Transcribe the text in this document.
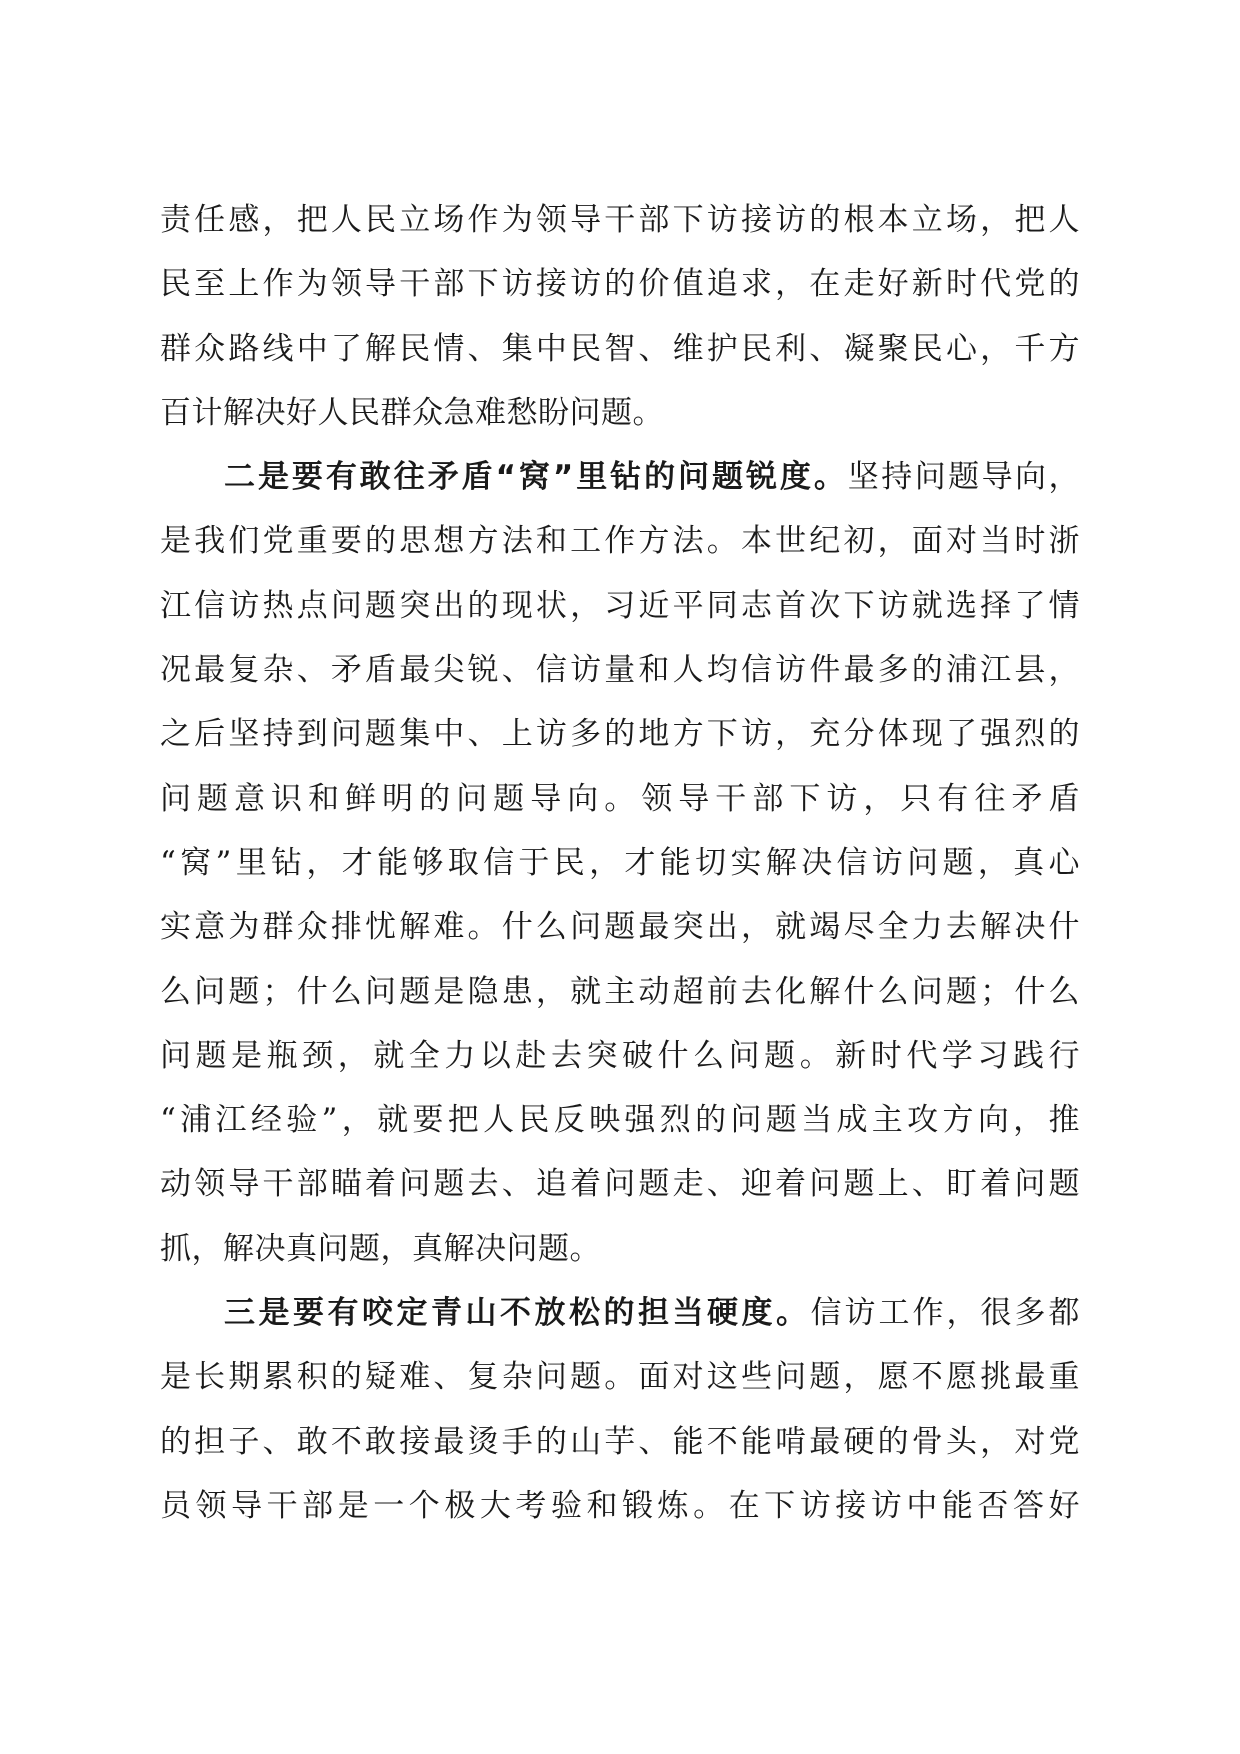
责任感，把人民立场作为领导干部下访接访的根本立场，把人
民至上作为领导干部下访接访的价值追求，在走好新时代党的
群众路线中了解民情、集中民智、维护民利、凝聚民心，千方
百计解决好人民群众急难愁盼问题。
二是要有敢往矛盾“窝”里钻的问题锐度。坚持问题导向，
是我们党重要的思想方法和工作方法。本世纪初，面对当时浙
江信访热点问题突出的现状，习近平同志首次下访就选择了情
况最复杂、矛盾最尖锐、信访量和人均信访件最多的浦江县，
之后坚持到问题集中、上访多的地方下访，充分体现了强烈的
问题意识和鲜明的问题导向。领导干部下访，只有往矛盾
“窝”里钻，才能够取信于民，才能切实解决信访问题，真心
实意为群众排忧解难。什么问题最突出，就竭尽全力去解决什
么问题；什么问题是隐患，就主动超前去化解什么问题；什么
问题是瓶颈，就全力以赴去突破什么问题。新时代学习践行
“浦江经验”，就要把人民反映强烈的问题当成主攻方向，推
动领导干部瞄着问题去、追着问题走、迎着问题上、盯着问题
抓，解决真问题，真解决问题。
三是要有咬定青山不放松的担当硬度。信访工作，很多都
是长期累积的疑难、复杂问题。面对这些问题，愿不愿挑最重
的担子、敢不敢接最烫手的山芋、能不能啃最硬的骨头，对党
员领导干部是一个极大考验和锻炼。在下访接访中能否答好
